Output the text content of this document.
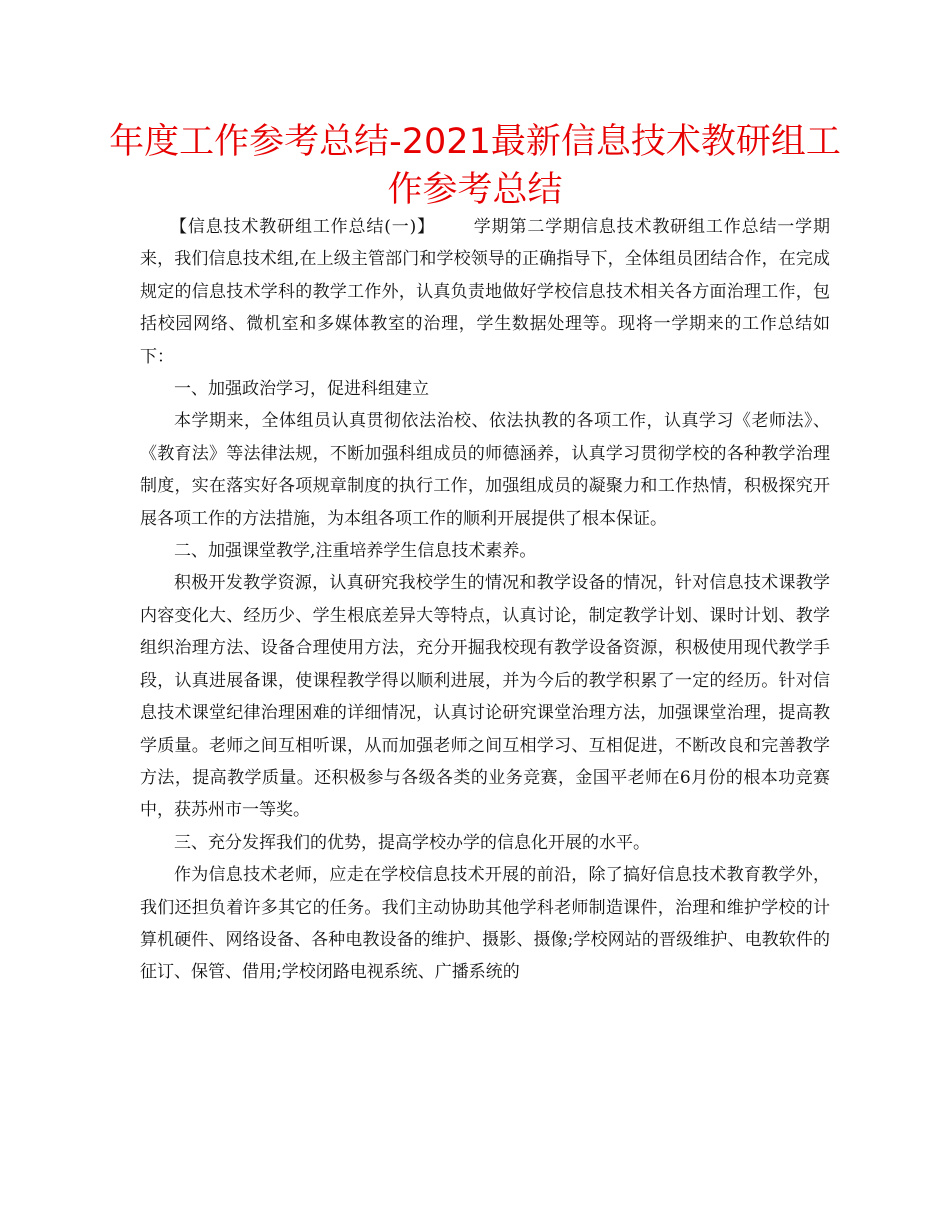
年度工作参考总结-2021最新信息技术教研组工作参考总结

【信息技术教研组工作总结(一)】 学期第二学期信息技术教研组工作总结一学期来，我们信息技术组,在上级主管部门和学校领导的正确指导下，全体组员团结合作，在完成规定的信息技术学科的教学工作外，认真负责地做好学校信息技术相关各方面治理工作，包括校园网络、微机室和多媒体教室的治理，学生数据处理等。现将一学期来的工作总结如下：

一、加强政治学习，促进科组建立

本学期来，全体组员认真贯彻依法治校、依法执教的各项工作，认真学习《老师法》、《教育法》等法律法规，不断加强科组成员的师德涵养，认真学习贯彻学校的各种教学治理制度，实在落实好各项规章制度的执行工作，加强组成员的凝聚力和工作热情，积极探究开展各项工作的方法措施，为本组各项工作的顺利开展提供了根本保证。

二、加强课堂教学,注重培养学生信息技术素养。

积极开发教学资源，认真研究我校学生的情况和教学设备的情况，针对信息技术课教学内容变化大、经历少、学生根底差异大等特点，认真讨论，制定教学计划、课时计划、教学组织治理方法、设备合理使用方法，充分开掘我校现有教学设备资源，积极使用现代教学手段，认真进展备课，使课程教学得以顺利进展，并为今后的教学积累了一定的经历。针对信息技术课堂纪律治理困难的详细情况，认真讨论研究课堂治理方法，加强课堂治理，提高教学质量。老师之间互相听课，从而加强老师之间互相学习、互相促进，不断改良和完善教学方法，提高教学质量。还积极参与各级各类的业务竞赛，金国平老师在6月份的根本功竞赛中，获苏州市一等奖。

三、充分发挥我们的优势，提高学校办学的信息化开展的水平。

作为信息技术老师，应走在学校信息技术开展的前沿，除了搞好信息技术教育教学外，我们还担负着许多其它的任务。我们主动协助其他学科老师制造课件，治理和维护学校的计算机硬件、网络设备、各种电教设备的维护、摄影、摄像;学校网站的晋级维护、电教软件的征订、保管、借用;学校闭路电视系统、广播系统的
